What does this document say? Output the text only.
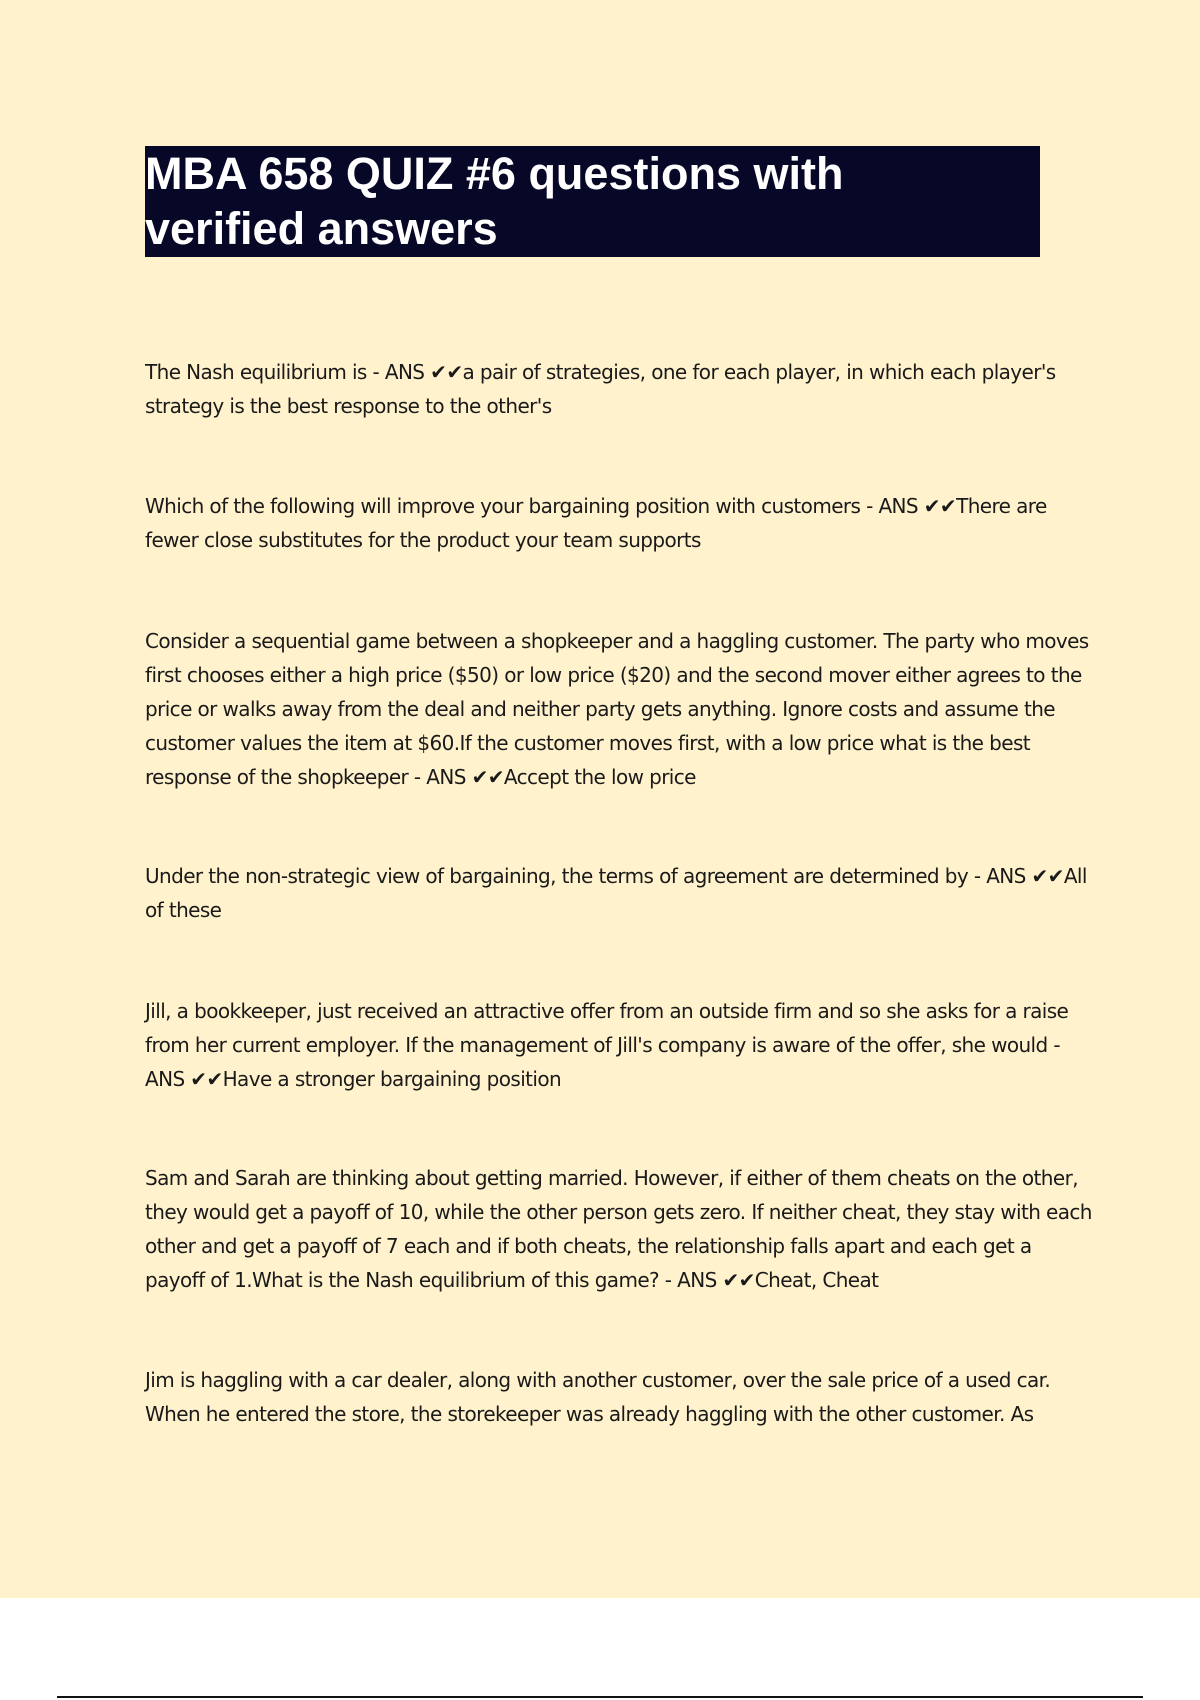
MBA 658 QUIZ #6 questions with
verified answers

The Nash equilibrium is - ANS ✔✔a pair of strategies, one for each player, in which each player's strategy is the best response to the other's

Which of the following will improve your bargaining position with customers - ANS ✔✔There are fewer close substitutes for the product your team supports

Consider a sequential game between a shopkeeper and a haggling customer. The party who moves first chooses either a high price ($50) or low price ($20) and the second mover either agrees to the price or walks away from the deal and neither party gets anything. Ignore costs and assume the customer values the item at $60.If the customer moves first, with a low price what is the best response of the shopkeeper - ANS ✔✔Accept the low price

Under the non-strategic view of bargaining, the terms of agreement are determined by - ANS ✔✔All of these

Jill, a bookkeeper, just received an attractive offer from an outside firm and so she asks for a raise from her current employer. If the management of Jill's company is aware of the offer, she would - ANS ✔✔Have a stronger bargaining position

Sam and Sarah are thinking about getting married. However, if either of them cheats on the other, they would get a payoff of 10, while the other person gets zero. If neither cheat, they stay with each other and get a payoff of 7 each and if both cheats, the relationship falls apart and each get a payoff of 1.What is the Nash equilibrium of this game? - ANS ✔✔Cheat, Cheat

Jim is haggling with a car dealer, along with another customer, over the sale price of a used car. When he entered the store, the storekeeper was already haggling with the other customer. As
